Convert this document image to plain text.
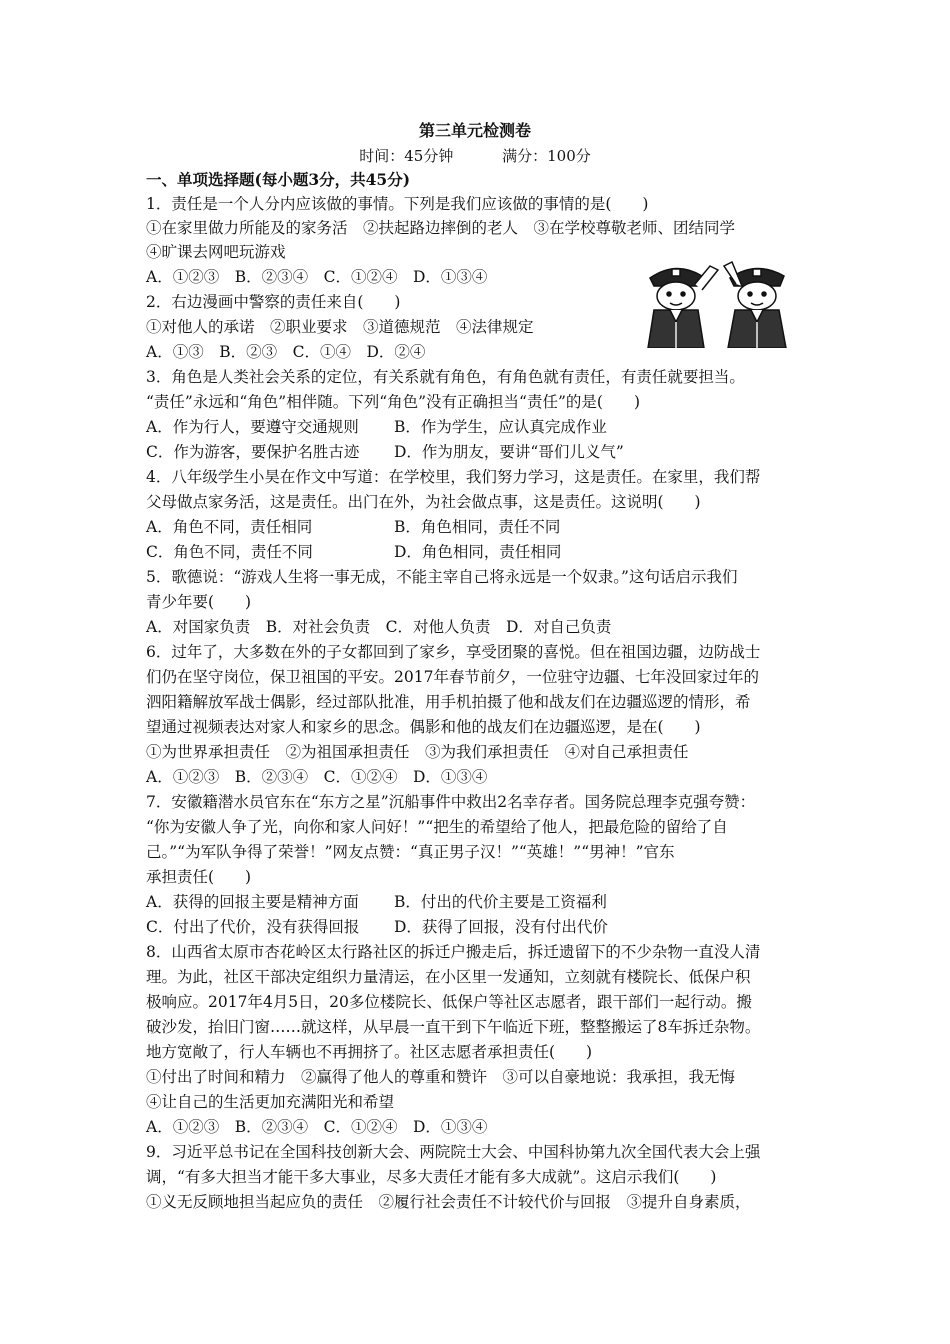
第三单元检测卷
时间：45分钟	满分：100分
一、单项选择题(每小题3分，共45分)
1．责任是一个人分内应该做的事情。下列是我们应该做的事情的是(　　)
①在家里做力所能及的家务活　②扶起路边摔倒的老人　③在学校尊敬老师、团结同学
④旷课去网吧玩游戏
A．①②③　B．②③④　C．①②④　D．①③④
2．右边漫画中警察的责任来自(　　)
①对他人的承诺　②职业要求　③道德规范　④法律规定
A．①③　B．②③　C．①④　D．②④
3．角色是人类社会关系的定位，有关系就有角色，有角色就有责任，有责任就要担当。
“责任”永远和“角色”相伴随。下列“角色”没有正确担当“责任”的是(　　)
A．作为行人，要遵守交通规则	B．作为学生，应认真完成作业
C．作为游客，要保护名胜古迹	D．作为朋友，要讲“哥们儿义气”
4．八年级学生小昊在作文中写道：在学校里，我们努力学习，这是责任。在家里，我们帮
父母做点家务活，这是责任。出门在外，为社会做点事，这是责任。这说明(　　)
A．角色不同，责任相同	B．角色相同，责任不同
C．角色不同，责任不同	D．角色相同，责任相同
5．歌德说：“游戏人生将一事无成，不能主宰自己将永远是一个奴隶。”这句话启示我们
青少年要(　　)
A．对国家负责　B．对社会负责　C．对他人负责　D．对自己负责
6．过年了，大多数在外的子女都回到了家乡，享受团聚的喜悦。但在祖国边疆，边防战士
们仍在坚守岗位，保卫祖国的平安。2017年春节前夕，一位驻守边疆、七年没回家过年的
泗阳籍解放军战士偶影，经过部队批准，用手机拍摄了他和战友们在边疆巡逻的情形，希
望通过视频表达对家人和家乡的思念。偶影和他的战友们在边疆巡逻，是在(　　)
①为世界承担责任　②为祖国承担责任　③为我们承担责任　④对自己承担责任
A．①②③　B．②③④　C．①②④　D．①③④
7．安徽籍潜水员官东在“东方之星”沉船事件中救出2名幸存者。国务院总理李克强夸赞：
“你为安徽人争了光，向你和家人问好！”“把生的希望给了他人，把最危险的留给了自
己。”“为军队争得了荣誉！”网友点赞：“真正男子汉！”“英雄！”“男神！”官东
承担责任(　　)
A．获得的回报主要是精神方面	B．付出的代价主要是工资福利
C．付出了代价，没有获得回报	D．获得了回报，没有付出代价
8．山西省太原市杏花岭区太行路社区的拆迁户搬走后，拆迁遗留下的不少杂物一直没人清
理。为此，社区干部决定组织力量清运，在小区里一发通知，立刻就有楼院长、低保户积
极响应。2017年4月5日，20多位楼院长、低保户等社区志愿者，跟干部们一起行动。搬
破沙发，抬旧门窗……就这样，从早晨一直干到下午临近下班，整整搬运了8车拆迁杂物。
地方宽敞了，行人车辆也不再拥挤了。社区志愿者承担责任(　　)
①付出了时间和精力　②赢得了他人的尊重和赞许　③可以自豪地说：我承担，我无悔
④让自己的生活更加充满阳光和希望
A．①②③　B．②③④　C．①②④　D．①③④
9．习近平总书记在全国科技创新大会、两院院士大会、中国科协第九次全国代表大会上强
调，“有多大担当才能干多大事业，尽多大责任才能有多大成就”。这启示我们(　　)
①义无反顾地担当起应负的责任　②履行社会责任不计较代价与回报　③提升自身素质，
